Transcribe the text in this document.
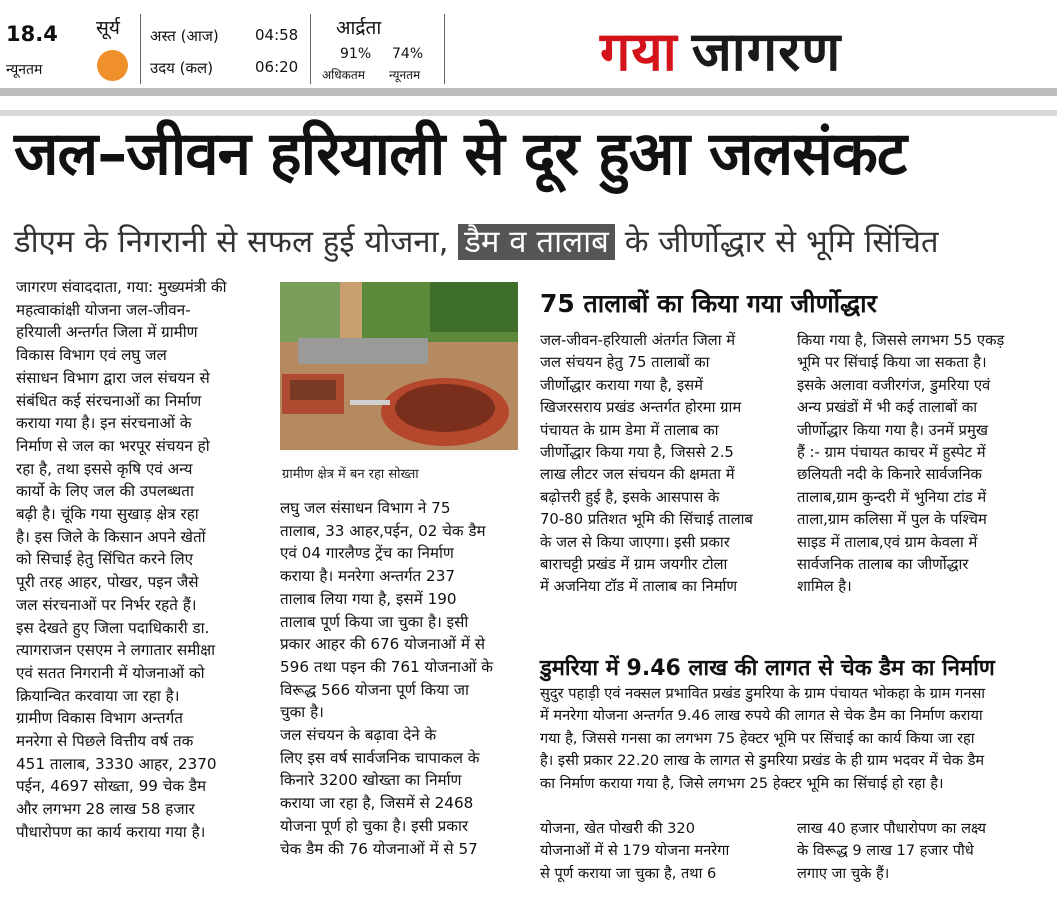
18.4
न्यूनतम
सूर्य अस्त (आज) 04:58
उदय (कल)	06:20
आर्द्रता
91% 74%
अधिकतम न्यूनतम	गया जागरण
जल–जीवन हरियाली से दूर हुआ जलसंकट
डीएम के निगरानी से सफल हुई योजना, डैम व तालाब के जीर्णोद्धार से भूमि सिंचित
जागरण संवाददाता, गया: मुख्यमंत्री की
महत्वाकांक्षी योजना जल-जीवन-
हरियाली अन्तर्गत जिला में ग्रामीण
विकास विभाग एवं लघु जल
संसाधन विभाग द्वारा जल संचयन से
संबंधित कई संरचनाओं का निर्माण
कराया गया है। इन संरचनाओं के
निर्माण से जल का भरपूर संचयन हो
रहा है, तथा इससे कृषि एवं अन्य
कार्यो के लिए जल की उपलब्धता
बढ़ी है। चूंकि गया सुखाड़ क्षेत्र रहा
है। इस जिले के किसान अपने खेतों
को सिचाई हेतु सिंचित करने लिए
पूरी तरह आहर, पोखर, पइन जैसे
जल संरचनाओं पर निर्भर रहते हैं।
इस देखते हुए जिला पदाधिकारी डा.
त्यागराजन एसएम ने लगातार समीक्षा
एवं सतत निगरानी में योजनाओं को
क्रियान्वित करवाया जा रहा है।
ग्रामीण विकास विभाग अन्तर्गत
मनरेगा से पिछले वित्तीय वर्ष तक
451 तालाब, 3330 आहर, 2370
पईन, 4697 सोख्ता, 99 चेक डैम
और लगभग 28 लाख 58 हजार
पौधारोपण का कार्य कराया गया है।
ग्रामीण क्षेत्र में बन रहा सोख्ता
लघु जल संसाधन विभाग ने 75
तालाब, 33 आहर,पईन, 02 चेक डैम
एवं 04 गारलैण्ड ट्रेंच का निर्माण
कराया है। मनरेगा अन्तर्गत 237
तालाब लिया गया है, इसमें 190
तालाब पूर्ण किया जा चुका है। इसी
प्रकार आहर की 676 योजनाओं में से
596 तथा पइन की 761 योजनाओं के
विरूद्ध 566 योजना पूर्ण किया जा
चुका है।
जल संचयन के बढ़ावा देने के
लिए इस वर्ष सार्वजनिक चापाकल के
किनारे 3200 खोख्ता का निर्माण
कराया जा रहा है, जिसमें से 2468
योजना पूर्ण हो चुका है। इसी प्रकार
चेक डैम की 76 योजनाओं में से 57
75 तालाबों का किया गया जीर्णोद्धार
जल-जीवन-हरियाली अंतर्गत जिला में
जल संचयन हेतु 75 तालाबों का
जीर्णोद्धार कराया गया है, इसमें
खिजरसराय प्रखंड अन्तर्गत होरमा ग्राम
पंचायत के ग्राम डेमा में तालाब का
जीर्णोद्धार किया गया है, जिससे 2.5
लाख लीटर जल संचयन की क्षमता में
बढ़ोत्तरी हुई है, इसके आसपास के
70-80 प्रतिशत भूमि की सिंचाई तालाब
के जल से किया जाएगा। इसी प्रकार
बाराचट्टी प्रखंड में ग्राम जयगीर टोला
में अजनिया टॉड में तालाब का निर्माण
किया गया है, जिससे लगभग 55 एकड़
भूमि पर सिंचाई किया जा सकता है।
इसके अलावा वजीरगंज, डुमरिया एवं
अन्य प्रखंडों में भी कई तालाबों का
जीर्णोद्धार किया गया है। उनमें प्रमुख
हैं :- ग्राम पंचायत काचर में हुस्पेट में
छलियती नदी के किनारे सार्वजनिक
तालाब,ग्राम कुन्दरी में भुनिया टांड में
ताला,ग्राम कलिसा में पुल के पश्चिम
साइड में तालाब,एवं ग्राम केवला में
सार्वजनिक तालाब का जीर्णोद्धार
शामिल है।
डुमरिया में 9.46 लाख की लागत से चेक डैम का निर्माण
सुदुर पहाड़ी एवं नक्सल प्रभावित प्रखंड डुमरिया के ग्राम पंचायत भोकहा के ग्राम गनसा
में मनरेगा योजना अन्तर्गत 9.46 लाख रुपये की लागत से चेक डैम का निर्माण कराया
गया है, जिससे गनसा का लगभग 75 हेक्टर भूमि पर सिंचाई का कार्य किया जा रहा
है। इसी प्रकार 22.20 लाख के लागत से डुमरिया प्रखंड के ही ग्राम भदवर में चेक डैम
का निर्माण कराया गया है, जिसे लगभग 25 हेक्टर भूमि का सिंचाई हो रहा है।
योजना, खेत पोखरी की 320
योजनाओं में से 179 योजना मनरेगा
से पूर्ण कराया जा चुका है, तथा 6
लाख 40 हजार पौधारोपण का लक्ष्य
के विरूद्ध 9 लाख 17 हजार पौधे
लगाए जा चुके हैं।
